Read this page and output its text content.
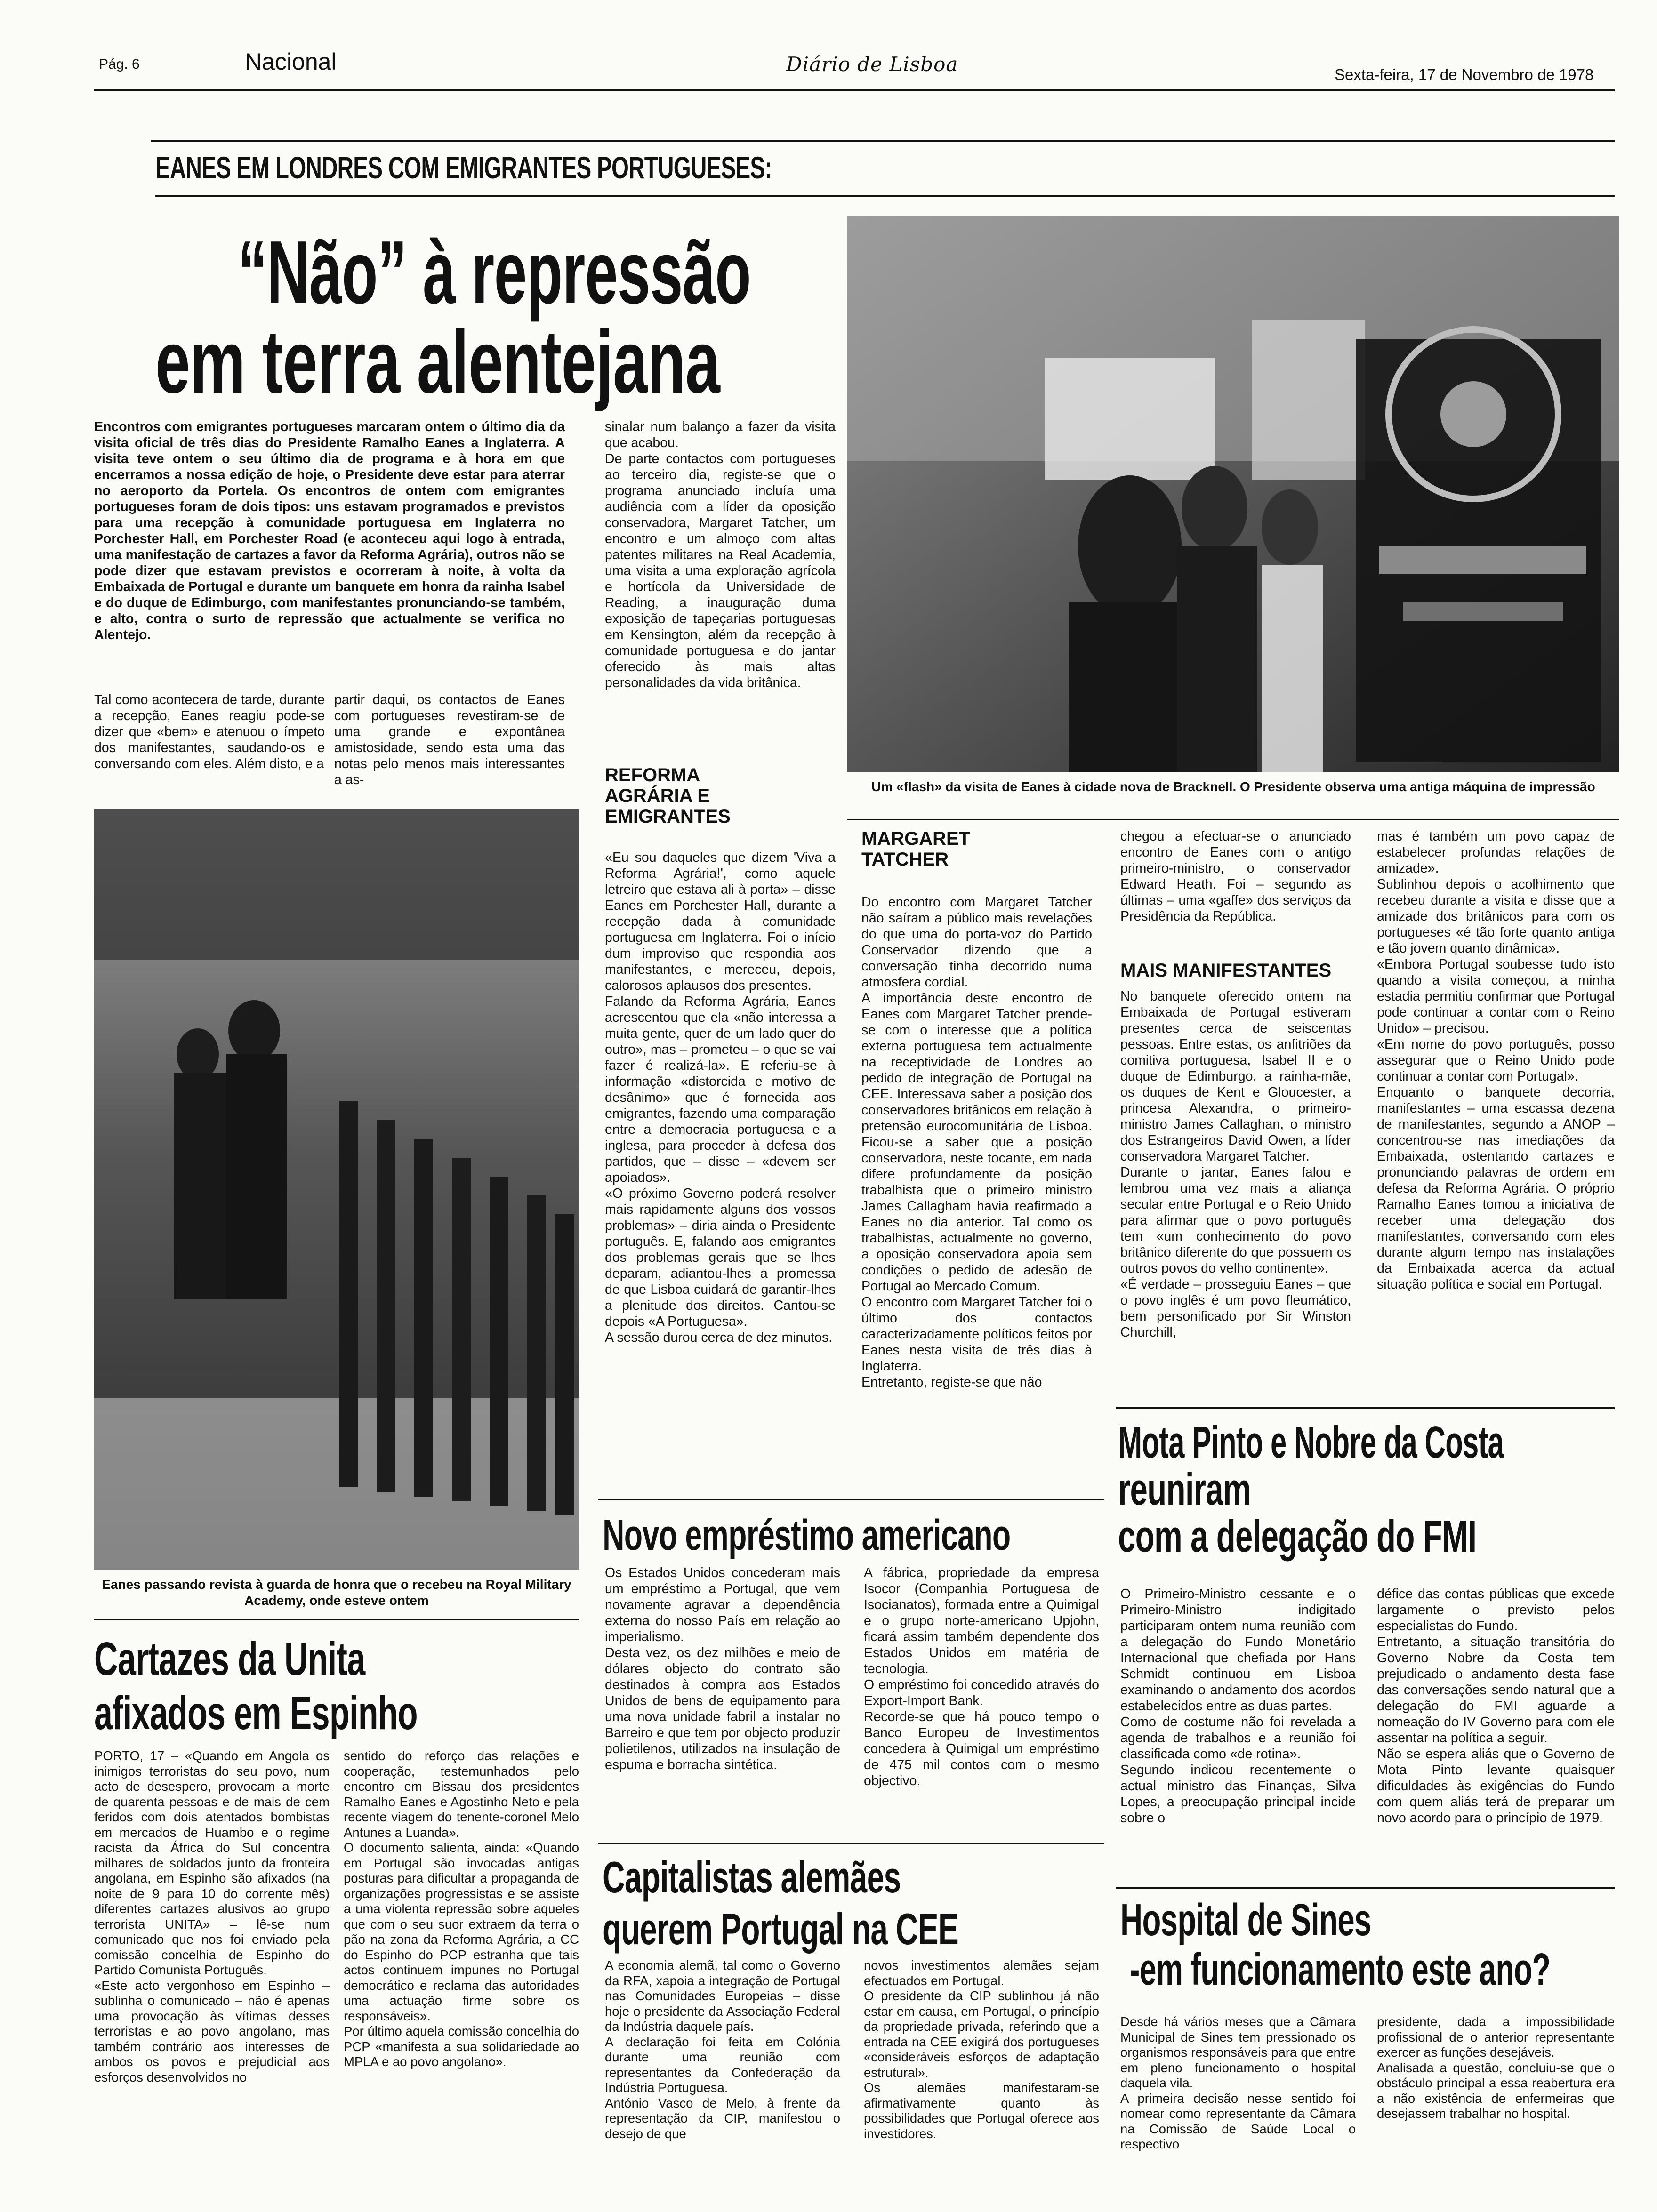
Pág. 6	Nacional	Diário de Lisboa	Sexta-feira, 17 de Novembro de 1978
EANES EM LONDRES COM EMIGRANTES PORTUGUESES:
“Não” à repressão
em terra alentejana

Encontros com emigrantes portugueses marcaram ontem o último dia da visita oficial de três dias do Presidente Ramalho Eanes a Inglaterra. A visita teve ontem o seu último dia de programa e à hora em que encerramos a nossa edição de hoje, o Presidente deve estar para aterrar no aeroporto da Portela. Os encontros de ontem com emigrantes portugueses foram de dois tipos: uns estavam programados e previstos para uma recepção à comunidade portuguesa em Inglaterra no Porchester Hall, em Porchester Road (e aconteceu aqui logo à entrada, uma manifestação de cartazes a favor da Reforma Agrária), outros não se pode dizer que estavam previstos e ocorreram à noite, à volta da Embaixada de Portugal e durante um banquete em honra da rainha Isabel e do duque de Edimburgo, com manifestantes pronunciando-se também, e alto, contra o surto de repressão que actualmente se verifica no Alentejo.

Tal como acontecera de tarde, durante a recepção, Eanes reagiu pode-se dizer que «bem» e atenuou o ímpeto dos manifestantes, saudando-os e conversando com eles. Além disto, e a

partir daqui, os contactos de Eanes com portugueses revestiram-se de uma grande e expontânea amistosidade, sendo esta uma das notas pelo menos mais interessantes a as-

sinalar num balanço a fazer da visita que acabou.
De parte contactos com portugueses ao terceiro dia, registe-se que o programa anunciado incluía uma audiência com a líder da oposição conservadora, Margaret Tatcher, um encontro e um almoço com altas patentes militares na Real Academia, uma visita a uma exploração agrícola e hortícola da Universidade de Reading, a inauguração duma exposição de tapeçarias portuguesas em Kensington, além da recepção à comunidade portuguesa e do jantar oferecido às mais altas personalidades da vida britânica.

REFORMA AGRÁRIA E EMIGRANTES

«Eu sou daqueles que dizem 'Viva a Reforma Agrária!', como aquele letreiro que estava ali à porta» – disse Eanes em Porchester Hall, durante a recepção dada à comunidade portuguesa em Inglaterra. Foi o início dum improviso que respondia aos manifestantes, e mereceu, depois, calorosos aplausos dos presentes.
Falando da Reforma Agrária, Eanes acrescentou que ela «não interessa a muita gente, quer de um lado quer do outro», mas – prometeu – o que se vai fazer é realizá-la». E referiu-se à informação «distorcida e motivo de desânimo» que é fornecida aos emigrantes, fazendo uma comparação entre a democracia portuguesa e a inglesa, para proceder à defesa dos partidos, que – disse – «devem ser apoiados».
«O próximo Governo poderá resolver mais rapidamente alguns dos vossos problemas» – diria ainda o Presidente português. E, falando aos emigrantes dos problemas gerais que se lhes deparam, adiantou-lhes a promessa de que Lisboa cuidará de garantir-lhes a plenitude dos direitos. Cantou-se depois «A Portuguesa».
A sessão durou cerca de dez minutos.

Um «flash» da visita de Eanes à cidade nova de Bracknell. O Presidente observa uma antiga máquina de impressão
Eanes passando revista à guarda de honra que o recebeu na Royal Military Academy, onde esteve ontem
MARGARET TATCHER

Do encontro com Margaret Tatcher não saíram a público mais revelações do que uma do porta-voz do Partido Conservador dizendo que a conversação tinha decorrido numa atmosfera cordial.
A importância deste encontro de Eanes com Margaret Tatcher prende-se com o interesse que a política externa portuguesa tem actualmente na receptividade de Londres ao pedido de integração de Portugal na CEE. Interessava saber a posição dos conservadores britânicos em relação à pretensão eurocomunitária de Lisboa. Ficou-se a saber que a posição conservadora, neste tocante, em nada difere profundamente da posição trabalhista que o primeiro ministro James Callagham havia reafirmado a Eanes no dia anterior. Tal como os trabalhistas, actualmente no governo, a oposição conservadora apoia sem condições o pedido de adesão de Portugal ao Mercado Comum.
O encontro com Margaret Tatcher foi o último dos contactos caracterizadamente políticos feitos por Eanes nesta visita de três dias à Inglaterra.
Entretanto, registe-se que não

chegou a efectuar-se o anunciado encontro de Eanes com o antigo primeiro-ministro, o conservador Edward Heath. Foi – segundo as últimas – uma «gaffe» dos serviços da Presidência da República.

MAIS MANIFESTANTES

No banquete oferecido ontem na Embaixada de Portugal estiveram presentes cerca de seiscentas pessoas. Entre estas, os anfitriões da comitiva portuguesa, Isabel II e o duque de Edimburgo, a rainha-mãe, os duques de Kent e Gloucester, a princesa Alexandra, o primeiro-ministro James Callaghan, o ministro dos Estrangeiros David Owen, a líder conservadora Margaret Tatcher.
Durante o jantar, Eanes falou e lembrou uma vez mais a aliança secular entre Portugal e o Reio Unido para afirmar que o povo português tem «um conhecimento do povo britânico diferente do que possuem os outros povos do velho continente».
«É verdade – prosseguiu Eanes – que o povo inglês é um povo fleumático, bem personificado por Sir Winston Churchill,

mas é também um povo capaz de estabelecer profundas relações de amizade».
Sublinhou depois o acolhimento que recebeu durante a visita e disse que a amizade dos britânicos para com os portugueses «é tão forte quanto antiga e tão jovem quanto dinâmica».
«Embora Portugal soubesse tudo isto quando a visita começou, a minha estadia permitiu confirmar que Portugal pode continuar a contar com o Reino Unido» – precisou.
«Em nome do povo português, posso assegurar que o Reino Unido pode continuar a contar com Portugal».
Enquanto o banquete decorria, manifestantes – uma escassa dezena de manifestantes, segundo a ANOP – concentrou-se nas imediações da Embaixada, ostentando cartazes e pronunciando palavras de ordem em defesa da Reforma Agrária. O próprio Ramalho Eanes tomou a iniciativa de receber uma delegação dos manifestantes, conversando com eles durante algum tempo nas instalações da Embaixada acerca da actual situação política e social em Portugal.

Cartazes da Unita
afixados em Espinho

PORTO, 17 – «Quando em Angola os inimigos terroristas do seu povo, num acto de desespero, provocam a morte de quarenta pessoas e de mais de cem feridos com dois atentados bombistas em mercados de Huambo e o regime racista da África do Sul concentra milhares de soldados junto da fronteira angolana, em Espinho são afixados (na noite de 9 para 10 do corrente mês) diferentes cartazes alusivos ao grupo terrorista UNITA» – lê-se num comunicado que nos foi enviado pela comissão concelhia de Espinho do Partido Comunista Português.
«Este acto vergonhoso em Espinho – sublinha o comunicado – não é apenas uma provocação às vítimas desses terroristas e ao povo angolano, mas também contrário aos interesses de ambos os povos e prejudicial aos esforços desenvolvidos no

sentido do reforço das relações e cooperação, testemunhados pelo encontro em Bissau dos presidentes Ramalho Eanes e Agostinho Neto e pela recente viagem do tenente-coronel Melo Antunes a Luanda».
O documento salienta, ainda: «Quando em Portugal são invocadas antigas posturas para dificultar a propaganda de organizações progressistas e se assiste a uma violenta repressão sobre aqueles que com o seu suor extraem da terra o pão na zona da Reforma Agrária, a CC do Espinho do PCP estranha que tais actos continuem impunes no Portugal democrático e reclama das autoridades uma actuação firme sobre os responsáveis».
Por último aquela comissão concelhia do PCP «manifesta a sua solidariedade ao MPLA e ao povo angolano».

Novo empréstimo americano

Os Estados Unidos concederam mais um empréstimo a Portugal, que vem novamente agravar a dependência externa do nosso País em relação ao imperialismo.
Desta vez, os dez milhões e meio de dólares objecto do contrato são destinados à compra aos Estados Unidos de bens de equipamento para uma nova unidade fabril a instalar no Barreiro e que tem por objecto produzir polietilenos, utilizados na insulação de espuma e borracha sintética.

A fábrica, propriedade da empresa Isocor (Companhia Portuguesa de Isocianatos), formada entre a Quimigal e o grupo norte-americano Upjohn, ficará assim também dependente dos Estados Unidos em matéria de tecnologia.
O empréstimo foi concedido através do Export-Import Bank.
Recorde-se que há pouco tempo o Banco Europeu de Investimentos concedera à Quimigal um empréstimo de 475 mil contos com o mesmo objectivo.

Capitalistas alemães
querem Portugal na CEE

A economia alemã, tal como o Governo da RFA, xapoia a integração de Portugal nas Comunidades Europeias – disse hoje o presidente da Associação Federal da Indústria daquele país.
A declaração foi feita em Colónia durante uma reunião com representantes da Confederação da Indústria Portuguesa.
António Vasco de Melo, à frente da representação da CIP, manifestou o desejo de que

novos investimentos alemães sejam efectuados em Portugal.
O presidente da CIP sublinhou já não estar em causa, em Portugal, o princípio da propriedade privada, referindo que a entrada na CEE exigirá dos portugueses «consideráveis esforços de adaptação estrutural».
Os alemães manifestaram-se afirmativamente quanto às possibilidades que Portugal oferece aos investidores.

Mota Pinto e Nobre da Costa
reuniram
com a delegação do FMI

O Primeiro-Ministro cessante e o Primeiro-Ministro indigitado participaram ontem numa reunião com a delegação do Fundo Monetário Internacional que chefiada por Hans Schmidt continuou em Lisboa examinando o andamento dos acordos estabelecidos entre as duas partes.
Como de costume não foi revelada a agenda de trabalhos e a reunião foi classificada como «de rotina».
Segundo indicou recentemente o actual ministro das Finanças, Silva Lopes, a preocupação principal incide sobre o

défice das contas públicas que excede largamente o previsto pelos especialistas do Fundo.
Entretanto, a situação transitória do Governo Nobre da Costa tem prejudicado o andamento desta fase das conversações sendo natural que a delegação do FMI aguarde a nomeação do IV Governo para com ele assentar na política a seguir.
Não se espera aliás que o Governo de Mota Pinto levante quaisquer dificuldades às exigências do Fundo com quem aliás terá de preparar um novo acordo para o princípio de 1979.

Hospital de Sines
-em funcionamento este ano?

Desde há vários meses que a Câmara Municipal de Sines tem pressionado os organismos responsáveis para que entre em pleno funcionamento o hospital daquela vila.
A primeira decisão nesse sentido foi nomear como representante da Câmara na Comissão de Saúde Local o respectivo

presidente, dada a impossibilidade profissional de o anterior representante exercer as funções desejáveis.
Analisada a questão, concluiu-se que o obstáculo principal a essa reabertura era a não existência de enfermeiras que desejassem trabalhar no hospital.
